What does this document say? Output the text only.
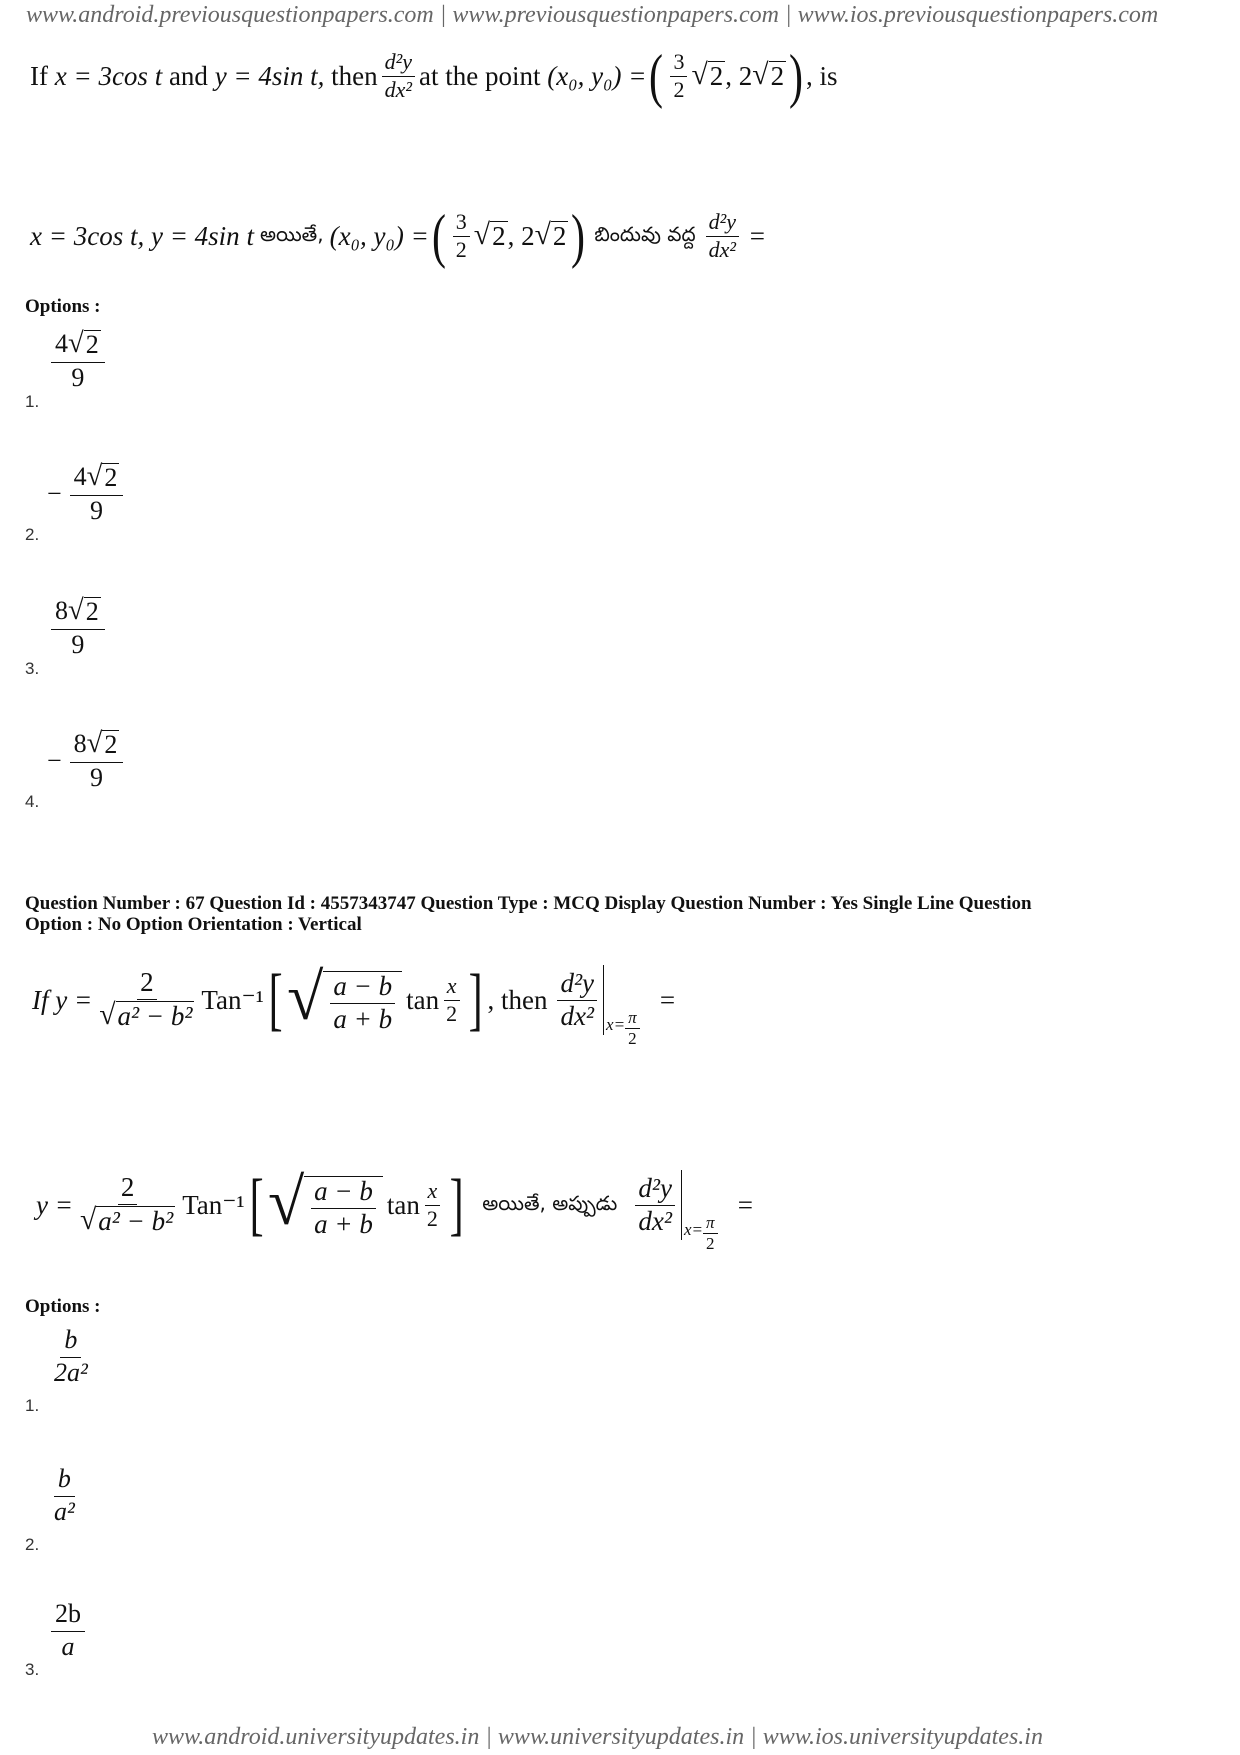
www.android.previousquestionpapers.com | www.previousquestionpapers.com | www.ios.previousquestionpapers.com
If
x = 3cos
t
and
y = 4sin
t,
then $\frac{\text{d²y}}{\text{dx²}}$ at the point
(x₀, y₀) = ( $\frac{3}{2}$ √ 2 , 2 √ 2 ) , is
x = 3cos
t,
y = 4sin
t అయితే, (x₀, y₀) = ( $\frac{3}{2}$ √ 2 , 2 √ 2 ) బిందువు వద్ద $\frac{\text{d²y}}{\text{dx²}}$
=
Options :
$\frac{4 √ 2}{9}$
1.
− $\frac{4 √ 2}{9}$
2.
$\frac{8 √ 2}{9}$
3.
− $\frac{8 √ 2}{9}$
4.
Question Number : 67 Question Id : 4557343747 Question Type : MCQ Display Question Number : Yes Single Line Question
Option : No Option Orientation : Vertical
If $y = \frac{2}{\text{√ a² − b²}} Tan^{-1}$ [ √ $\frac{a - b}{a + b}$ $\tan \frac{x}{2}$ ] , then $\frac{\text{d²y}}{\text{dx²}} x= \frac{\pi}{2}$

=
$y = \frac{2}{\text{√ a² − b²}} Tan^{-1}$ [ √ $\frac{a - b}{a + b}$ $\tan \frac{x}{2}$ ] అయితే, అప్పుడు $\frac{\text{d²y}}{\text{dx²}} x= \frac{\pi}{2}$

=
Options :
$\frac{b}{\text{2a²}}$
1.
$\frac{b}{\text{a²}}$
2.
$\frac{2b}{a}$
3.
www.android.universityupdates.in | www.universityupdates.in | www.ios.universityupdates.in
